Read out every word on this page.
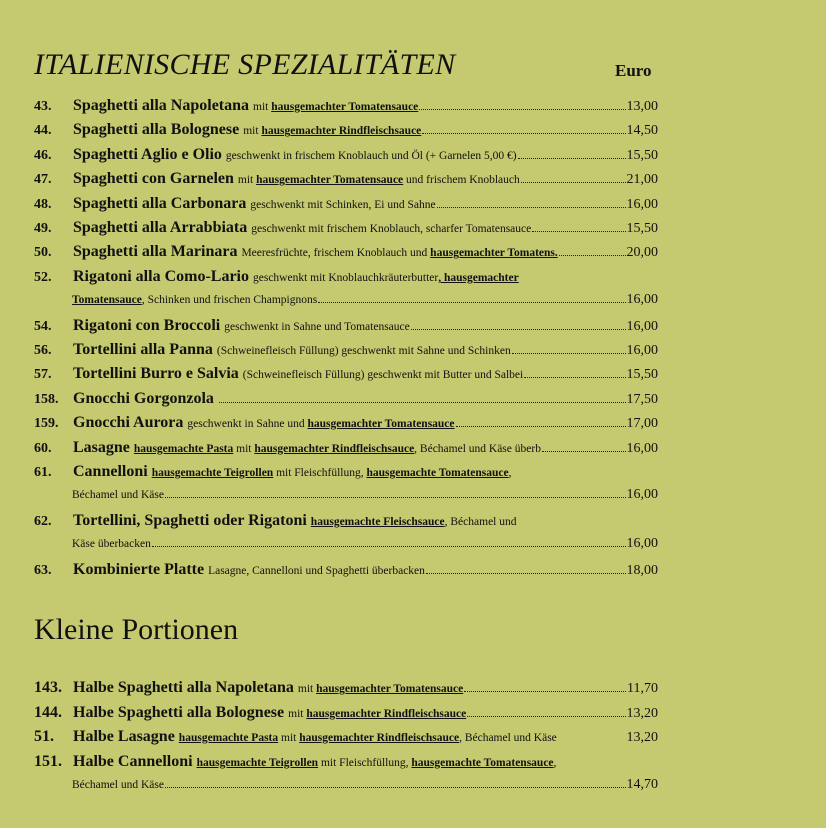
ITALIENISCHE SPEZIALITÄTEN	Euro
43.	Spaghetti alla Napoletana mit hausgemachter Tomatensauce	13,00
44.	Spaghetti alla Bolognese mit hausgemachter Rindfleischsauce	14,50
46.	Spaghetti Aglio e Olio geschwenkt in frischem Knoblauch und Öl (+ Garnelen 5,00 €)	15,50
47.	Spaghetti con Garnelen mit hausgemachter Tomatensauce und frischem Knoblauch	21,00
48.	Spaghetti alla Carbonara geschwenkt mit Schinken, Ei und Sahne	16,00
49.	Spaghetti alla Arrabbiata geschwenkt mit frischem Knoblauch, scharfer Tomatensauce	15,50
50.	Spaghetti alla Marinara Meeresfrüchte, frischem Knoblauch und hausgemachter Tomatens.	20,00
52.	Rigatoni alla Como-Lario geschwenkt mit Knoblauchkräuterbutter, hausgemachter
Tomatensauce, Schinken und frischen Champignons	16,00
54.	Rigatoni con Broccoli geschwenkt in Sahne und Tomatensauce	16,00
56.	Tortellini alla Panna (Schweinefleisch Füllung) geschwenkt mit Sahne und Schinken	16,00
57.	Tortellini Burro e Salvia (Schweinefleisch Füllung) geschwenkt mit Butter und Salbei	15,50
158. Gnocchi Gorgonzola	17,50
159. Gnocchi Aurora geschwenkt in Sahne und hausgemachter Tomatensauce	17,00
60.	Lasagne hausgemachte Pasta mit hausgemachter Rindfleischsauce, Béchamel und Käse überb	16,00
61.	Cannelloni hausgemachte Teigrollen mit Fleischfüllung, hausgemachte Tomatensauce,
Béchamel und Käse	16,00
62.	Tortellini, Spaghetti oder Rigatoni hausgemachte Fleischsauce, Béchamel und
Käse überbacken	16,00
63.	Kombinierte Platte Lasagne, Cannelloni und Spaghetti überbacken	18,00
Kleine Portionen
143. Halbe Spaghetti alla Napoletana mit hausgemachter Tomatensauce	11,70
144. Halbe Spaghetti alla Bolognese mit hausgemachter Rindfleischsauce	13,20
51.	Halbe Lasagne hausgemachte Pasta mit hausgemachter Rindfleischsauce, Béchamel und Käse	13,20
151. Halbe Cannelloni hausgemachte Teigrollen mit Fleischfüllung, hausgemachte Tomatensauce,
Béchamel und Käse	14,70
